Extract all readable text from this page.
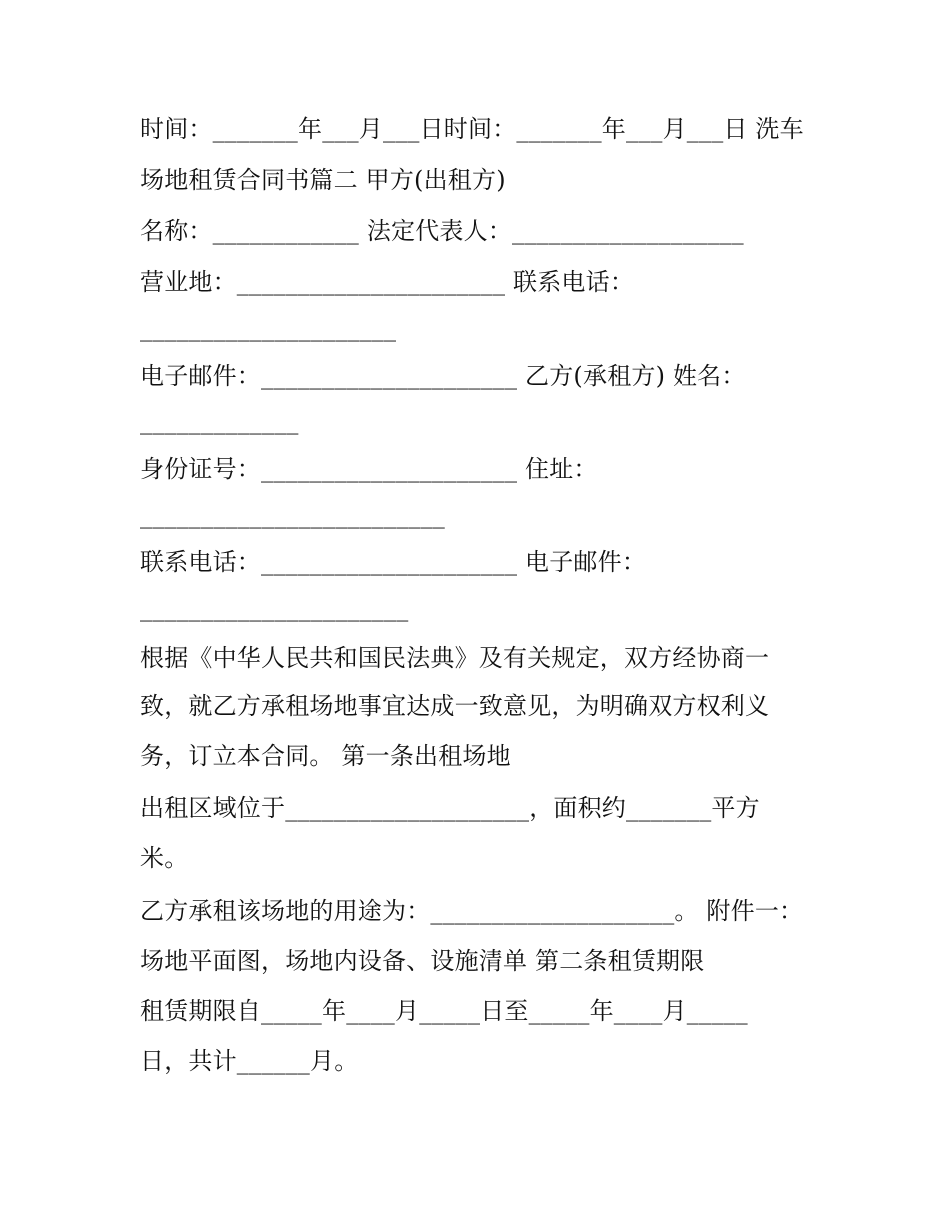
时间：_______年___月___日时间：_______年___月___日 洗车
场地租赁合同书篇二 甲方(出租方)
名称：____________ 法定代表人：___________________
营业地：______________________ 联系电话：
_____________________
电子邮件：_____________________ 乙方(承租方) 姓名：
_____________
身份证号：_____________________ 住址：
_________________________
联系电话：_____________________ 电子邮件：
______________________
根据《中华人民共和国民法典》及有关规定，双方经协商一
致，就乙方承租场地事宜达成一致意见，为明确双方权利义
务，订立本合同。 第一条出租场地
出租区域位于____________________，面积约_______平方
米。
乙方承租该场地的用途为：____________________。 附件一：
场地平面图，场地内设备、设施清单 第二条租赁期限
租赁期限自_____年____月_____日至_____年____月_____
日，共计______月。
